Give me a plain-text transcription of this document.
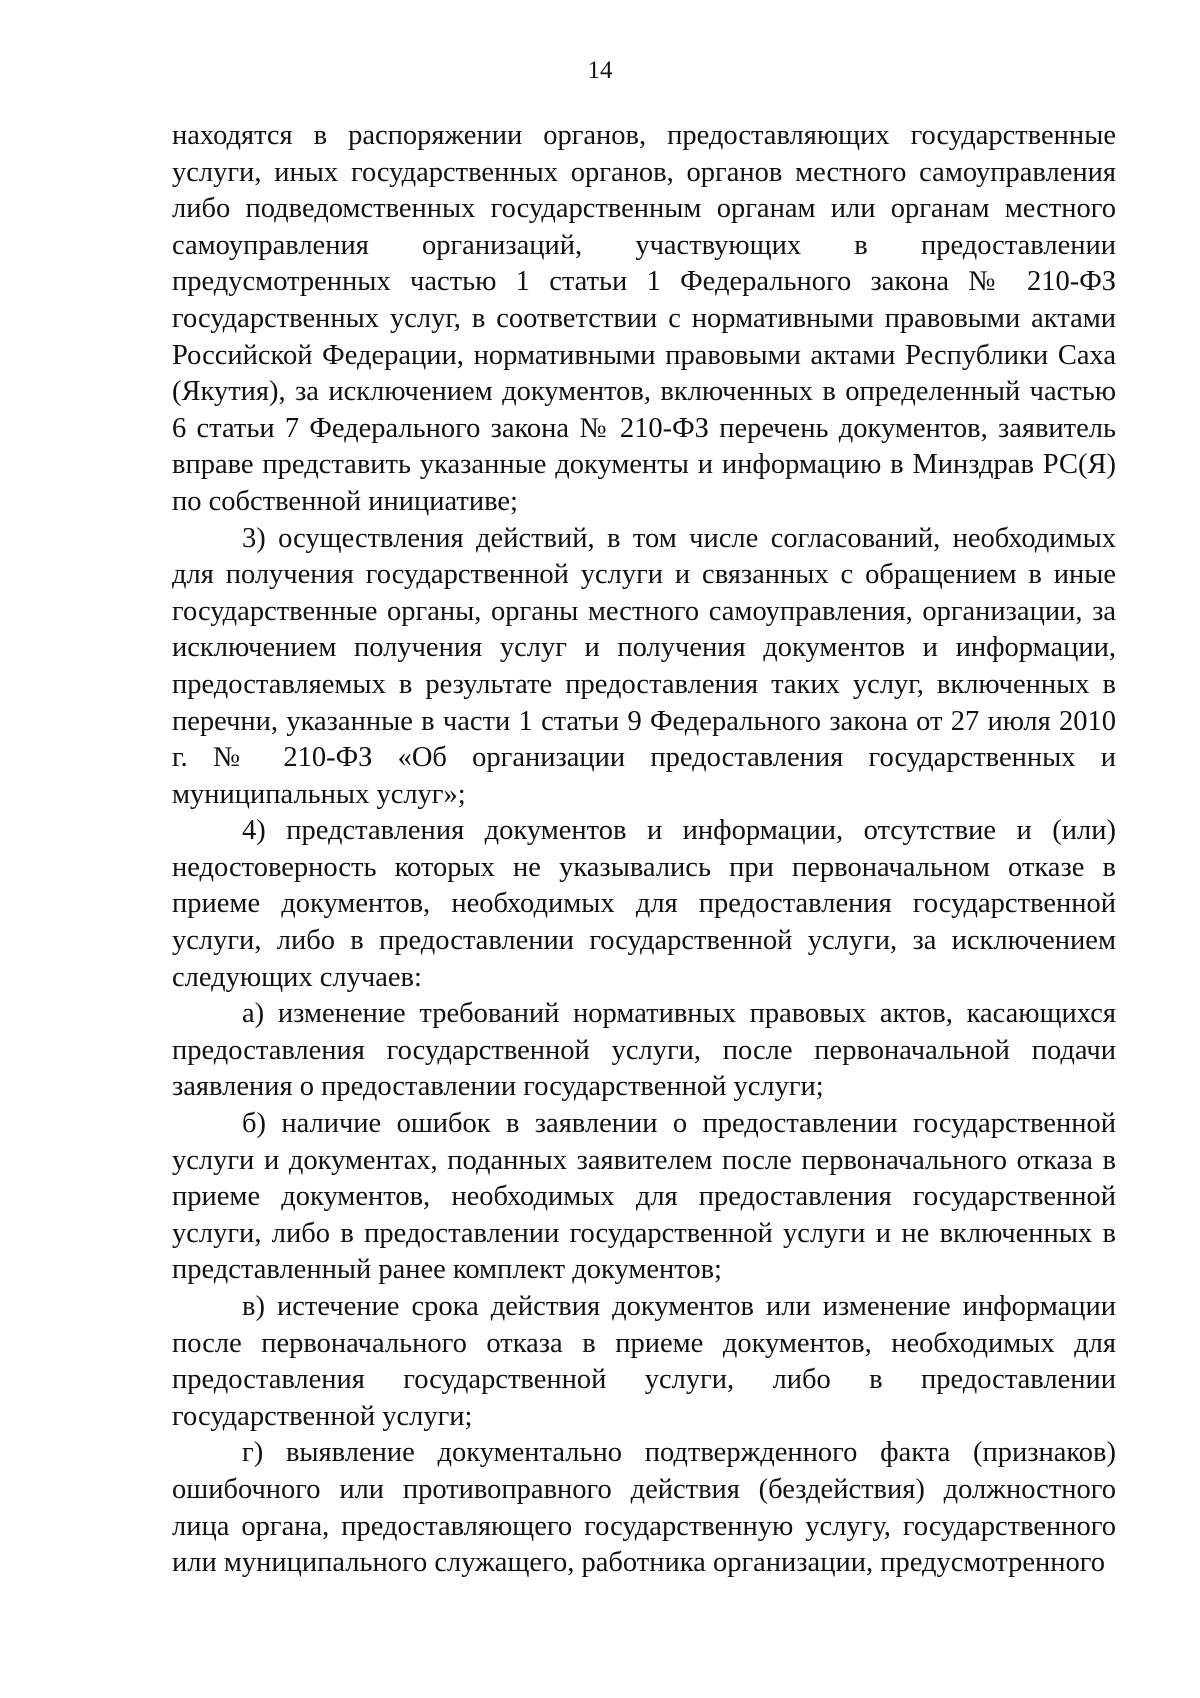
14

находятся в распоряжении органов, предоставляющих государственные услуги, иных государственных органов, органов местного самоуправления либо подведомственных государственным органам или органам местного самоуправления организаций, участвующих в предоставлении предусмотренных частью 1 статьи 1 Федерального закона № 210-ФЗ государственных услуг, в соответствии с нормативными правовыми актами Российской Федерации, нормативными правовыми актами Республики Саха (Якутия), за исключением документов, включенных в определенный частью 6 статьи 7 Федерального закона № 210-ФЗ перечень документов, заявитель вправе представить указанные документы и информацию в Минздрав РС(Я) по собственной инициативе;

3) осуществления действий, в том числе согласований, необходимых для получения государственной услуги и связанных с обращением в иные государственные органы, органы местного самоуправления, организации, за исключением получения услуг и получения документов и информации, предоставляемых в результате предоставления таких услуг, включенных в перечни, указанные в части 1 статьи 9 Федерального закона от 27 июля 2010 г. № 210-ФЗ «Об организации предоставления государственных и муниципальных услуг»;

4) представления документов и информации, отсутствие и (или) недостоверность которых не указывались при первоначальном отказе в приеме документов, необходимых для предоставления государственной услуги, либо в предоставлении государственной услуги, за исключением следующих случаев:

а) изменение требований нормативных правовых актов, касающихся предоставления государственной услуги, после первоначальной подачи заявления о предоставлении государственной услуги;

б) наличие ошибок в заявлении о предоставлении государственной услуги и документах, поданных заявителем после первоначального отказа в приеме документов, необходимых для предоставления государственной услуги, либо в предоставлении государственной услуги и не включенных в представленный ранее комплект документов;

в) истечение срока действия документов или изменение информации после первоначального отказа в приеме документов, необходимых для предоставления государственной услуги, либо в предоставлении государственной услуги;

г) выявление документально подтвержденного факта (признаков) ошибочного или противоправного действия (бездействия) должностного лица органа, предоставляющего государственную услугу, государственного или муниципального служащего, работника организации, предусмотренного
